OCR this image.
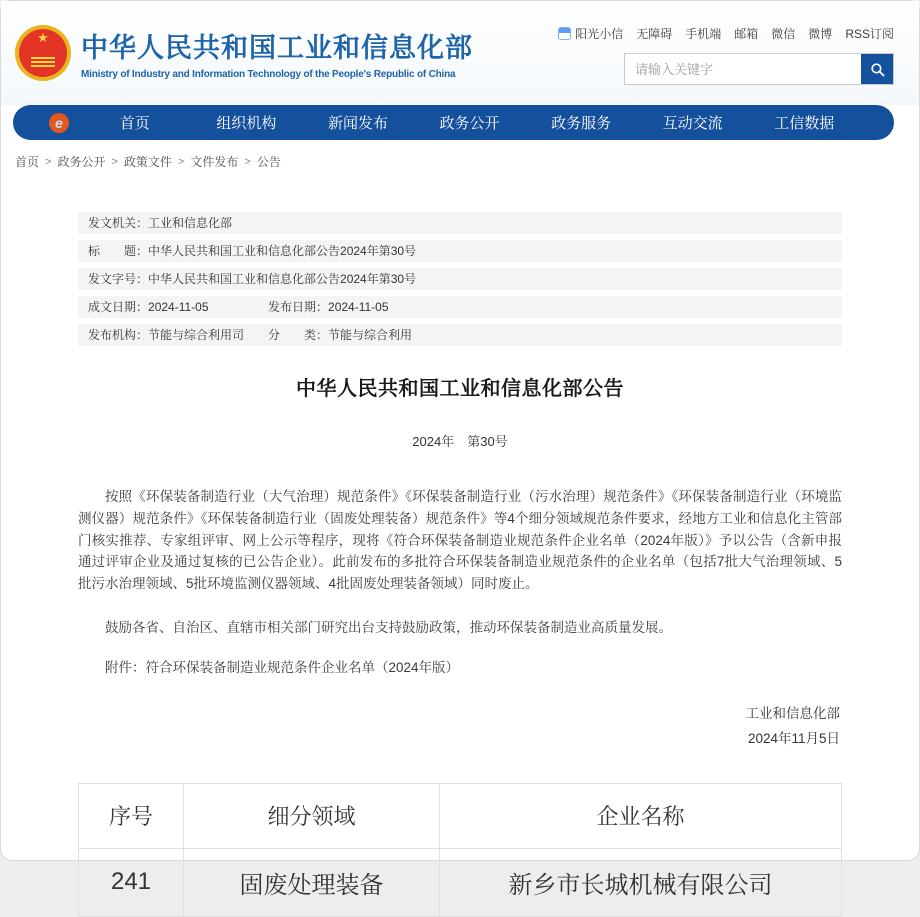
★	中华人民共和国工业和信息化部
Ministry of Industry and Information Technology of the People's Republic of China
阳光小信 无障碍 手机端 邮箱 微信 微博 RSS订阅
请输入关键字
e	首页	组织机构	新闻发布	政务公开	政务服务	互动交流	工信数据
首页 > 政务公开 > 政策文件 > 文件发布 > 公告
发文机关： 工业和信息化部
标　　题： 中华人民共和国工业和信息化部公告2024年第30号
发文字号： 中华人民共和国工业和信息化部公告2024年第30号
成文日期： 2024-11-05	发布日期： 2024-11-05
发布机构： 节能与综合利用司 分　　类： 节能与综合利用
中华人民共和国工业和信息化部公告
2024年　第30号

按照《环保装备制造行业（大气治理）规范条件》《环保装备制造行业（污水治理）规范条件》《环保装备制造行业（环境监测仪器）规范条件》《环保装备制造行业（固废处理装备）规范条件》等4个细分领域规范条件要求，经地方工业和信息化主管部门核实推荐、专家组评审、网上公示等程序，现将《符合环保装备制造业规范条件企业名单（2024年版）》予以公告（含新申报通过评审企业及通过复核的已公告企业）。此前发布的多批符合环保装备制造业规范条件的企业名单（包括7批大气治理领域、5批污水治理领域、5批环境监测仪器领域、4批固废处理装备领域）同时废止。

鼓励各省、自治区、直辖市相关部门研究出台支持鼓励政策，推动环保装备制造业高质量发展。

附件：符合环保装备制造业规范条件企业名单（2024年版）

工业和信息化部
2024年11月5日
序号	细分领域	企业名称
241	固废处理装备	新乡市长城机械有限公司
